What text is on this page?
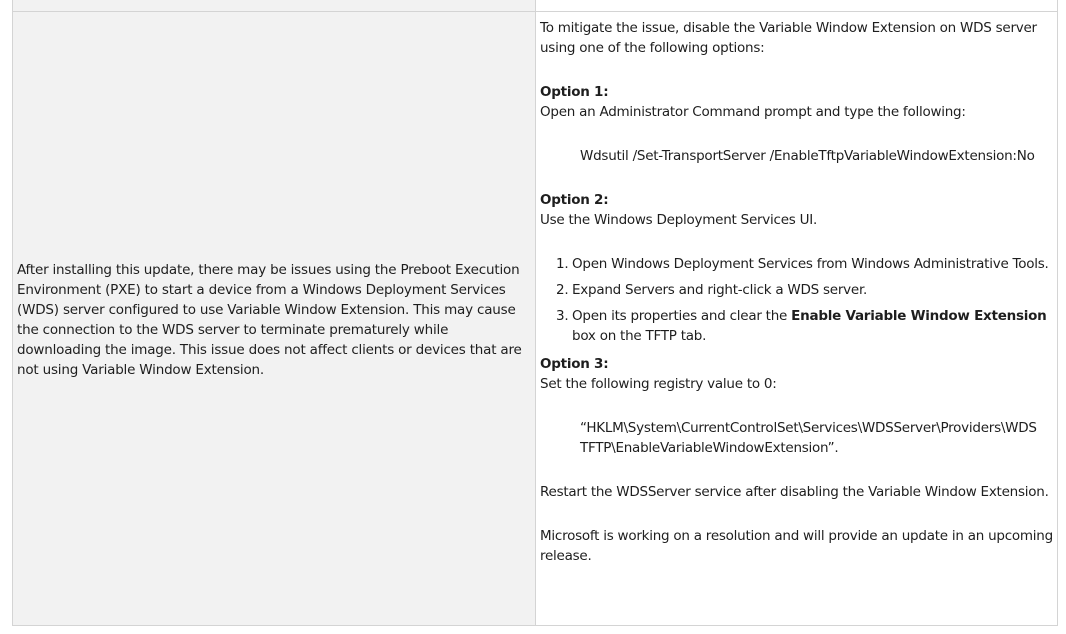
After installing this update, there may be issues using the Preboot Execution Environment (PXE) to start a device from a Windows Deployment Services (WDS) server configured to use Variable Window Extension. This may cause the connection to the WDS server to terminate prematurely while downloading the image. This issue does not affect clients or devices that are not using Variable Window Extension.

To mitigate the issue, disable the Variable Window Extension on WDS server using one of the following options:

Option 1:

Open an Administrator Command prompt and type the following:

Wdsutil /Set-TransportServer /EnableTftpVariableWindowExtension:No

Option 2:

Use the Windows Deployment Services UI.

1. Open Windows Deployment Services from Windows Administrative Tools.
2. Expand Servers and right-click a WDS server.
3. Open its properties and clear the Enable Variable Window Extension box on the TFTP tab.

Option 3:

Set the following registry value to 0:

“HKLM\System\CurrentControlSet\Services\WDSServer\Providers\WDS TFTP\EnableVariableWindowExtension”.

Restart the WDSServer service after disabling the Variable Window Extension.

Microsoft is working on a resolution and will provide an update in an upcoming release.
